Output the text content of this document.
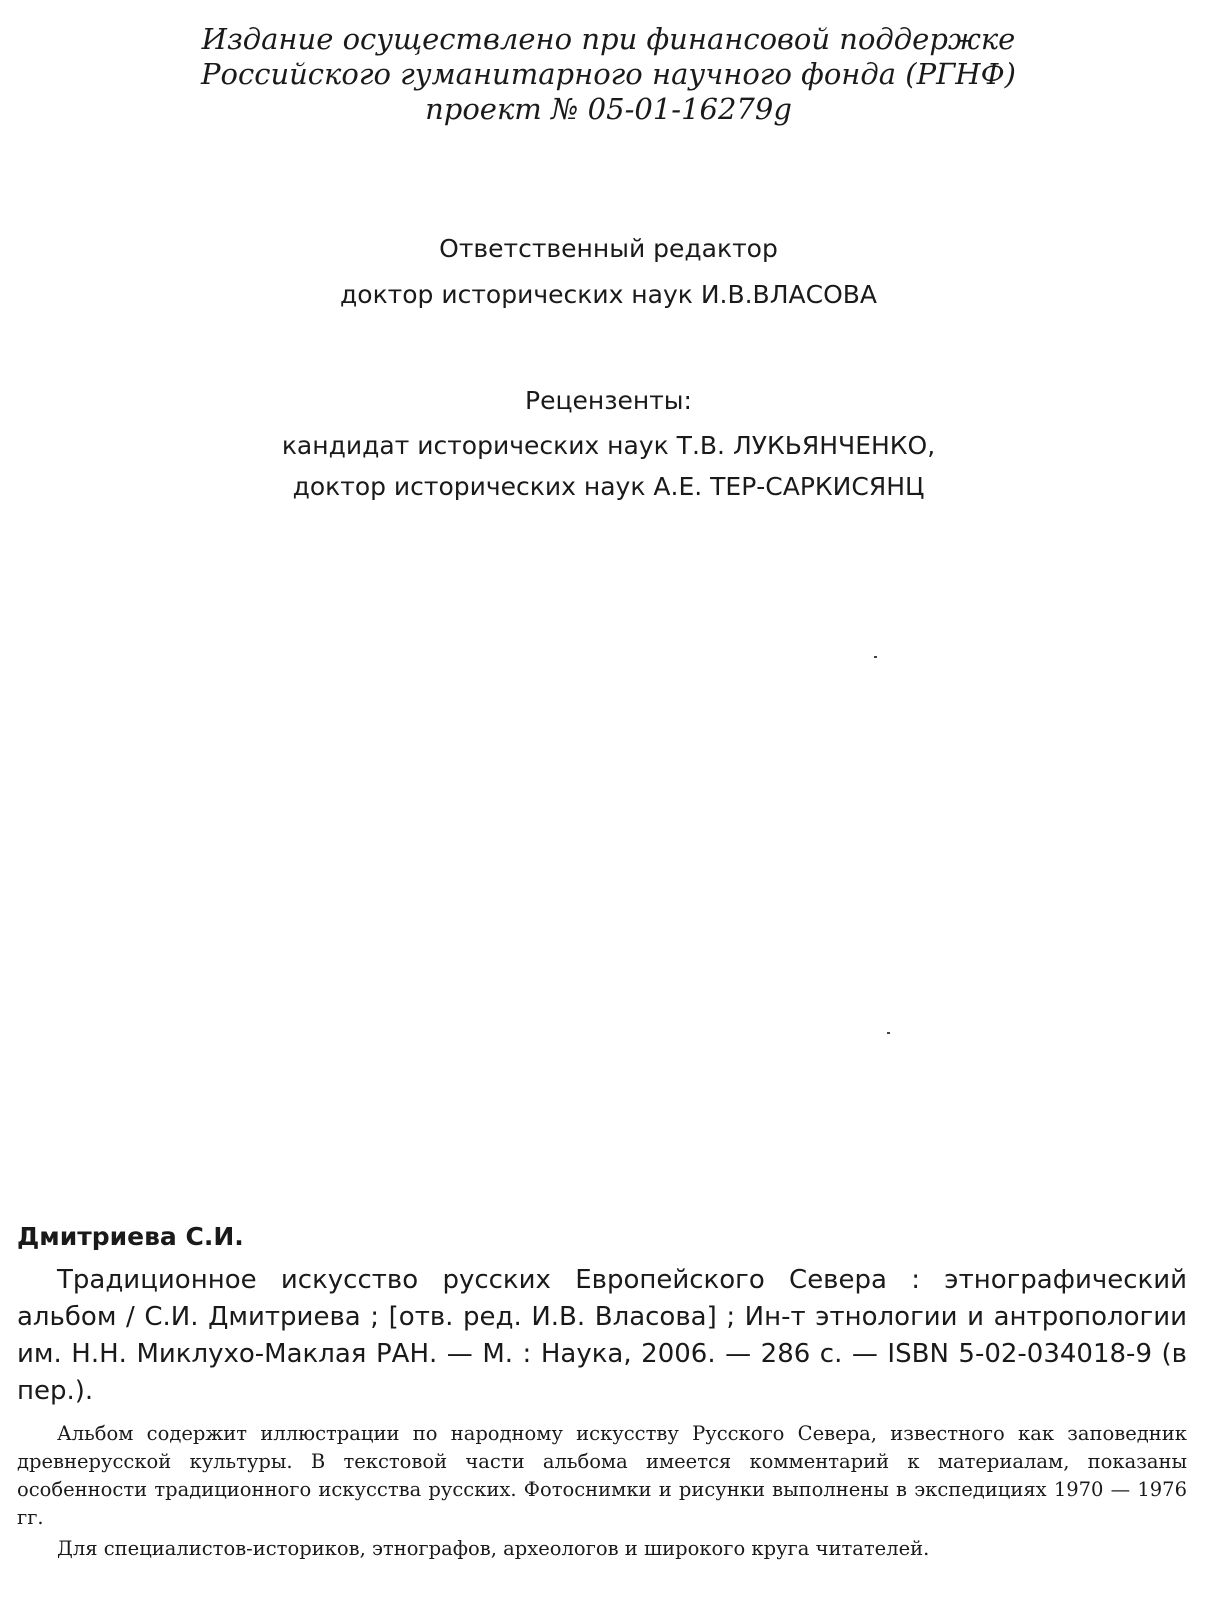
Издание осуществлено при финансовой поддержке
Российского гуманитарного научного фонда (РГНФ)
проект № 05-01-16279g
Ответственный редактор
доктор исторических наук И.В.ВЛАСОВА
Рецензенты:
кандидат исторических наук Т.В. ЛУКЬЯНЧЕНКО,
доктор исторических наук А.Е. ТЕР-САРКИСЯНЦ
Дмитриева С.И.

Традиционное искусство русских Европейского Севера : этнографический альбом / С.И. Дмитриева ; [отв. ред. И.В. Власова] ; Ин-т этнологии и антропологии им. Н.Н. Миклухо-Маклая РАН. — М. : Наука, 2006. — 286 с. — ISBN 5-02-034018-9 (в пер.).

Альбом содержит иллюстрации по народному искусству Русского Севера, известного как заповедник древнерусской культуры. В текстовой части альбома имеется комментарий к материалам, показаны особенности традиционного искусства русских. Фотоснимки и рисунки выполнены в экспедициях 1970 — 1976 гг.

Для специалистов-историков, этнографов, археологов и широкого круга читателей.
